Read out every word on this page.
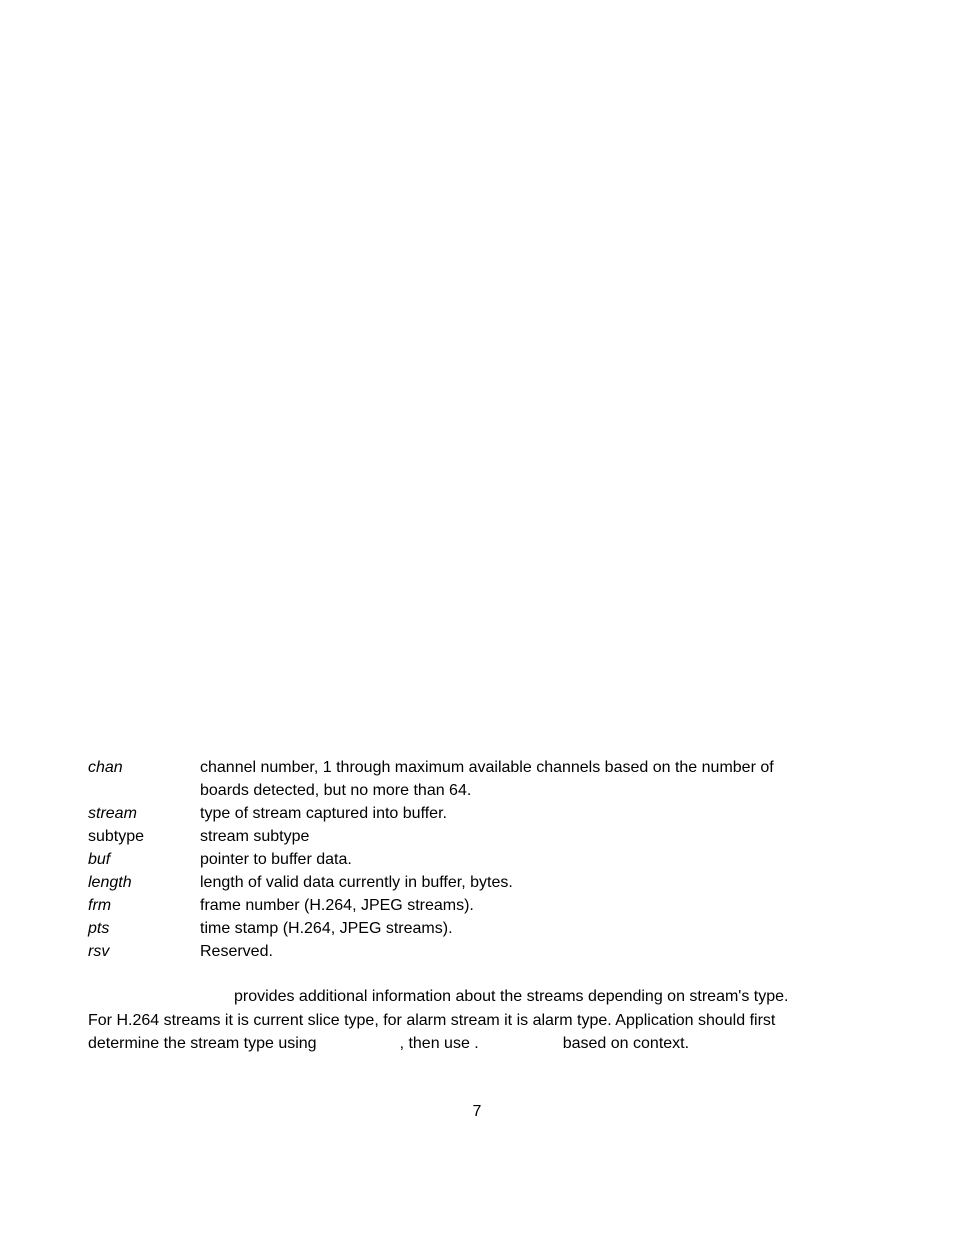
chan	channel number, 1 through maximum available channels based on the number of
boards detected, but no more than 64.
stream	type of stream captured into buffer.
subtype	stream subtype
buf	pointer to buffer data.
length	length of valid data currently in buffer, bytes.
frm	frame number (H.264, JPEG streams).
pts	time stamp (H.264, JPEG streams).
rsv	Reserved.

provides additional information about the streams depending on stream's type.
For H.264 streams it is current slice type, for alarm stream it is alarm type. Application should first
determine the stream type using	, then use .	based on context.

7
